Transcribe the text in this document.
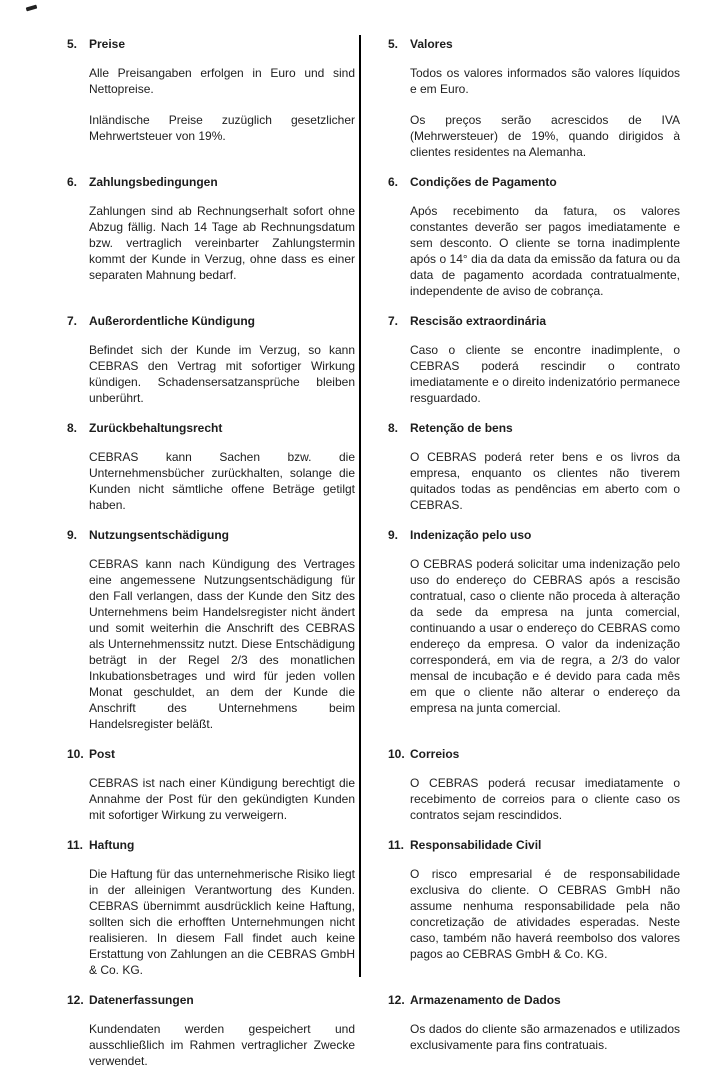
5. Preise

Alle Preisangaben erfolgen in Euro und sind Nettopreise.

Inländische Preise zuzüglich gesetzlicher Mehrwertsteuer von 19%.

6. Zahlungsbedingungen

Zahlungen sind ab Rechnungserhalt sofort ohne Abzug fällig. Nach 14 Tage ab Rechnungsdatum bzw. vertraglich vereinbarter Zahlungstermin kommt der Kunde in Verzug, ohne dass es einer separaten Mahnung bedarf.

7. Außerordentliche Kündigung

Befindet sich der Kunde im Verzug, so kann CEBRAS den Vertrag mit sofortiger Wirkung kündigen. Schadensersatzansprüche bleiben unberührt.

8. Zurückbehaltungsrecht

CEBRAS kann Sachen bzw. die Unternehmensbücher zurückhalten, solange die Kunden nicht sämtliche offene Beträge getilgt haben.

9. Nutzungsentschädigung

CEBRAS kann nach Kündigung des Vertrages eine angemessene Nutzungsentschädigung für den Fall verlangen, dass der Kunde den Sitz des Unternehmens beim Handelsregister nicht ändert und somit weiterhin die Anschrift des CEBRAS als Unternehmenssitz nutzt. Diese Entschädigung beträgt in der Regel 2/3 des monatlichen Inkubationsbetrages und wird für jeden vollen Monat geschuldet, an dem der Kunde die Anschrift des Unternehmens beim Handelsregister beläßt.

10. Post

CEBRAS ist nach einer Kündigung berechtigt die Annahme der Post für den gekündigten Kunden mit sofortiger Wirkung zu verweigern.

11. Haftung

Die Haftung für das unternehmerische Risiko liegt in der alleinigen Verantwortung des Kunden. CEBRAS übernimmt ausdrücklich keine Haftung, sollten sich die erhofften Unternehmungen nicht realisieren. In diesem Fall findet auch keine Erstattung von Zahlungen an die CEBRAS GmbH & Co. KG.

12. Datenerfassungen

Kundendaten werden gespeichert und ausschließlich im Rahmen vertraglicher Zwecke verwendet.

5. Valores

Todos os valores informados são valores líquidos e em Euro.

Os preços serão acrescidos de IVA (Mehrwersteuer) de 19%, quando dirigidos à clientes residentes na Alemanha.

6. Condições de Pagamento

Após recebimento da fatura, os valores constantes deverão ser pagos imediatamente e sem desconto. O cliente se torna inadimplente após o 14° dia da data da emissão da fatura ou da data de pagamento acordada contratualmente, independente de aviso de cobrança.

7. Rescisão extraordinária

Caso o cliente se encontre inadimplente, o CEBRAS poderá rescindir o contrato imediatamente e o direito indenizatório permanece resguardado.

8. Retenção de bens

O CEBRAS poderá reter bens e os livros da empresa, enquanto os clientes não tiverem quitados todas as pendências em aberto com o CEBRAS.

9. Indenização pelo uso

O CEBRAS poderá solicitar uma indenização pelo uso do endereço do CEBRAS após a rescisão contratual, caso o cliente não proceda à alteração da sede da empresa na junta comercial, continuando a usar o endereço do CEBRAS como endereço da empresa. O valor da indenização corresponderá, em via de regra, a 2/3 do valor mensal de incubação e é devido para cada mês em que o cliente não alterar o endereço da empresa na junta comercial.

10. Correios

O CEBRAS poderá recusar imediatamente o recebimento de correios para o cliente caso os contratos sejam rescindidos.

11. Responsabilidade Civil

O risco empresarial é de responsabilidade exclusiva do cliente. O CEBRAS GmbH não assume nenhuma responsabilidade pela não concretização de atividades esperadas. Neste caso, também não haverá reembolso dos valores pagos ao CEBRAS GmbH & Co. KG.

12. Armazenamento de Dados

Os dados do cliente são armazenados e utilizados exclusivamente para fins contratuais.
